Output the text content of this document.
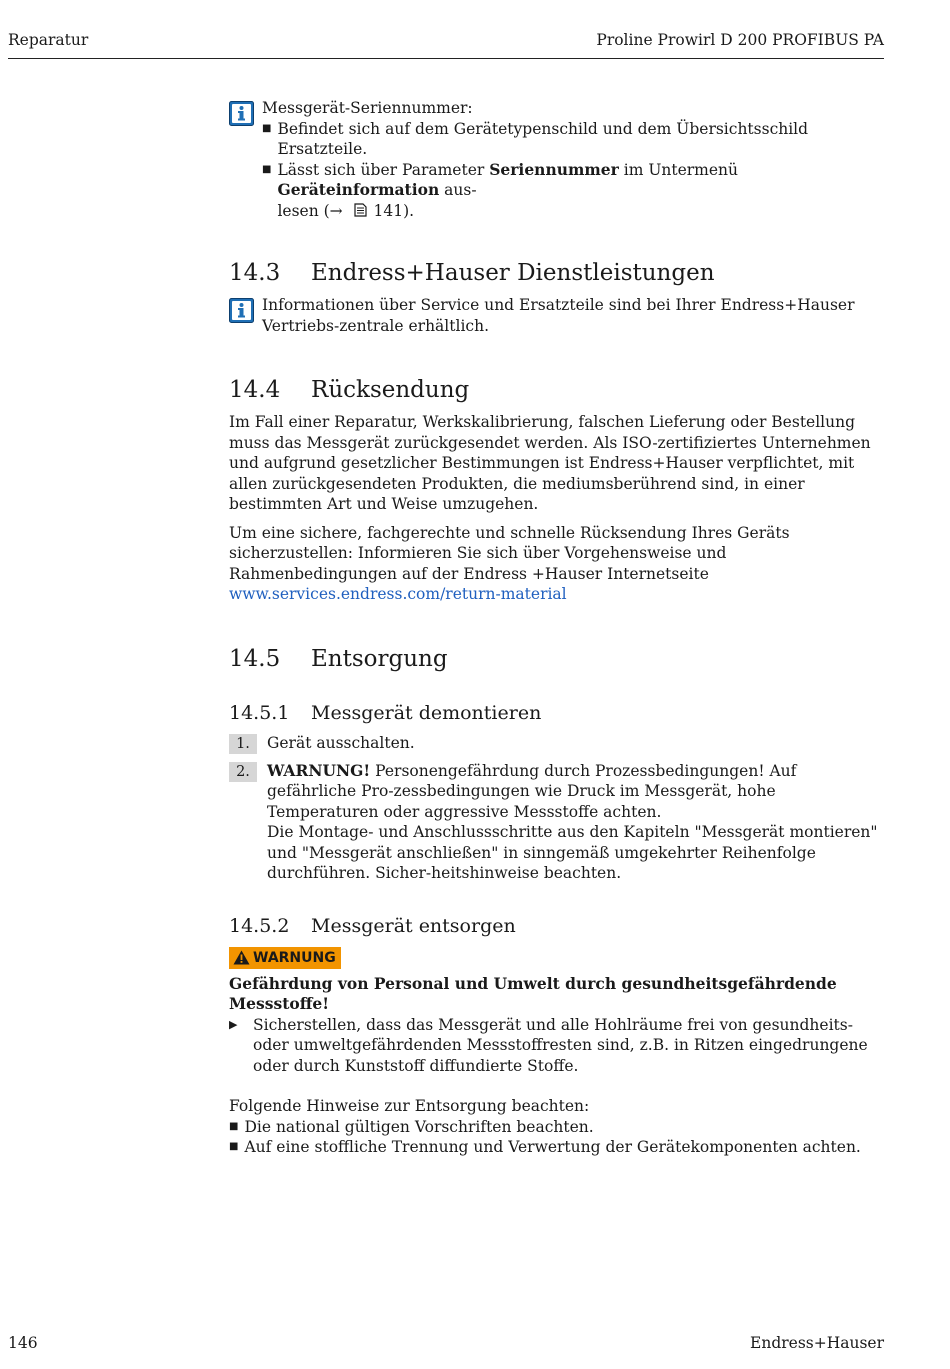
Reparatur	Proline Prowirl D 200 PROFIBUS PA
Messgerät-Seriennummer:
■ Befindet sich auf dem Gerätetypenschild und dem Übersichtsschild Ersatzteile.
■ Lässt sich über Parameter Seriennummer im Untermenü Geräteinformation aus-
lesen (→  141).
14.3	Endress+Hauser Dienstleistungen
Informationen über Service und Ersatzteile sind bei Ihrer Endress+Hauser Vertriebs-zentrale erhältlich.
14.4	Rücksendung

Im Fall einer Reparatur, Werkskalibrierung, falschen Lieferung oder Bestellung muss das Messgerät zurückgesendet werden. Als ISO-zertifiziertes Unternehmen und aufgrund gesetzlicher Bestimmungen ist Endress+Hauser verpflichtet, mit allen zurückgesendeten Produkten, die mediumsberührend sind, in einer bestimmten Art und Weise umzugehen.

Um eine sichere, fachgerechte und schnelle Rücksendung Ihres Geräts sicherzustellen: Informieren Sie sich über Vorgehensweise und Rahmenbedingungen auf der Endress +Hauser Internetseite www.services.endress.com/return-material

14.5	Entsorgung
14.5.1	Messgerät demontieren
1.	Gerät ausschalten.
2.	WARNUNG! Personengefährdung durch Prozessbedingungen! Auf gefährliche Pro-zessbedingungen wie Druck im Messgerät, hohe Temperaturen oder aggressive Messstoffe achten.
Die Montage- und Anschlussschritte aus den Kapiteln "Messgerät montieren" und "Messgerät anschließen" in sinngemäß umgekehrter Reihenfolge durchführen. Sicher-heitshinweise beachten.
14.5.2	Messgerät entsorgen
WARNUNG
Gefährdung von Personal und Umwelt durch gesundheitsgefährdende Messstoffe!
▶ Sicherstellen, dass das Messgerät und alle Hohlräume frei von gesundheits- oder umweltgefährdenden Messstoffresten sind, z.B. in Ritzen eingedrungene oder durch Kunststoff diffundierte Stoffe.

Folgende Hinweise zur Entsorgung beachten:

■ Die national gültigen Vorschriften beachten.
■ Auf eine stoffliche Trennung und Verwertung der Gerätekomponenten achten.
146	Endress+Hauser
